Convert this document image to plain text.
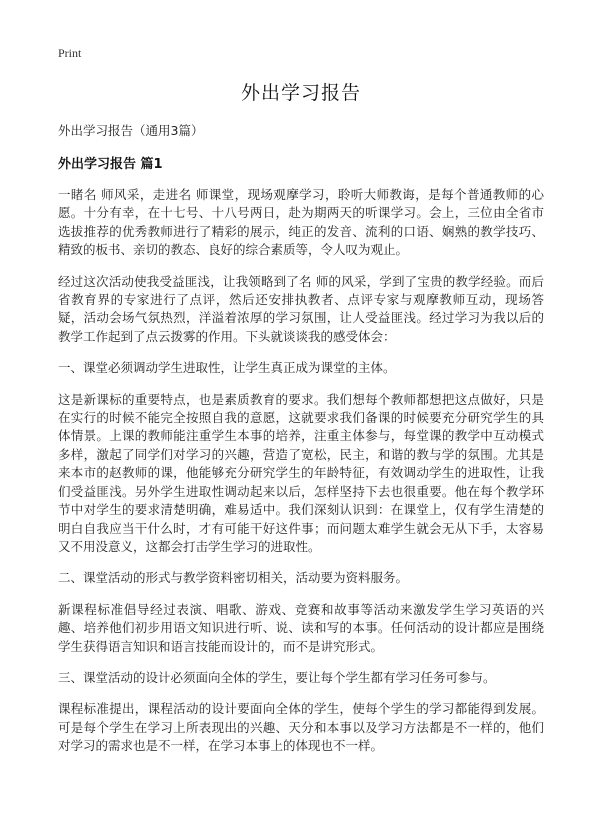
Print
外出学习报告
外出学习报告（通用3篇）
外出学习报告 篇1

一睹名 师风采，走进名 师课堂，现场观摩学习，聆听大师教诲，是每个普通教师的心愿。十分有幸，在十七号、十八号两日，赴为期两天的听课学习。会上，三位由全省市选拔推荐的优秀教师进行了精彩的展示，纯正的发音、流利的口语、娴熟的教学技巧、精致的板书、亲切的教态、良好的综合素质等，令人叹为观止。

经过这次活动使我受益匪浅，让我领略到了名 师的风采，学到了宝贵的教学经验。而后省教育界的专家进行了点评，然后还安排执教者、点评专家与观摩教师互动，现场答疑，活动会场气氛热烈，洋溢着浓厚的学习氛围，让人受益匪浅。经过学习为我以后的教学工作起到了点云拨雾的作用。下头就谈谈我的感受体会：

一、课堂必须调动学生进取性，让学生真正成为课堂的主体。

这是新课标的重要特点，也是素质教育的要求。我们想每个教师都想把这点做好，只是在实行的时候不能完全按照自我的意愿，这就要求我们备课的时候要充分研究学生的具体情景。上课的教师能注重学生本事的培养，注重主体参与，每堂课的教学中互动模式多样，激起了同学们对学习的兴趣，营造了宽松，民主，和谐的教与学的氛围。尤其是来本市的赵教师的课，他能够充分研究学生的年龄特征，有效调动学生的进取性，让我们受益匪浅。另外学生进取性调动起来以后，怎样坚持下去也很重要。他在每个教学环节中对学生的要求清楚明确，难易适中。我们深刻认识到：在课堂上，仅有学生清楚的明白自我应当干什么时，才有可能干好这件事；而问题太难学生就会无从下手，太容易又不用没意义，这都会打击学生学习的进取性。

二、课堂活动的形式与教学资料密切相关，活动要为资料服务。

新课程标准倡导经过表演、唱歌、游戏、竞赛和故事等活动来激发学生学习英语的兴趣、培养他们初步用语文知识进行听、说、读和写的本事。任何活动的设计都应是围绕学生获得语言知识和语言技能而设计的，而不是讲究形式。

三、课堂活动的设计必须面向全体的学生，要让每个学生都有学习任务可参与。

课程标准提出，课程活动的设计要面向全体的学生，使每个学生的学习都能得到发展。可是每个学生在学习上所表现出的兴趣、天分和本事以及学习方法都是不一样的，他们对学习的需求也是不一样，在学习本事上的体现也不一样。
